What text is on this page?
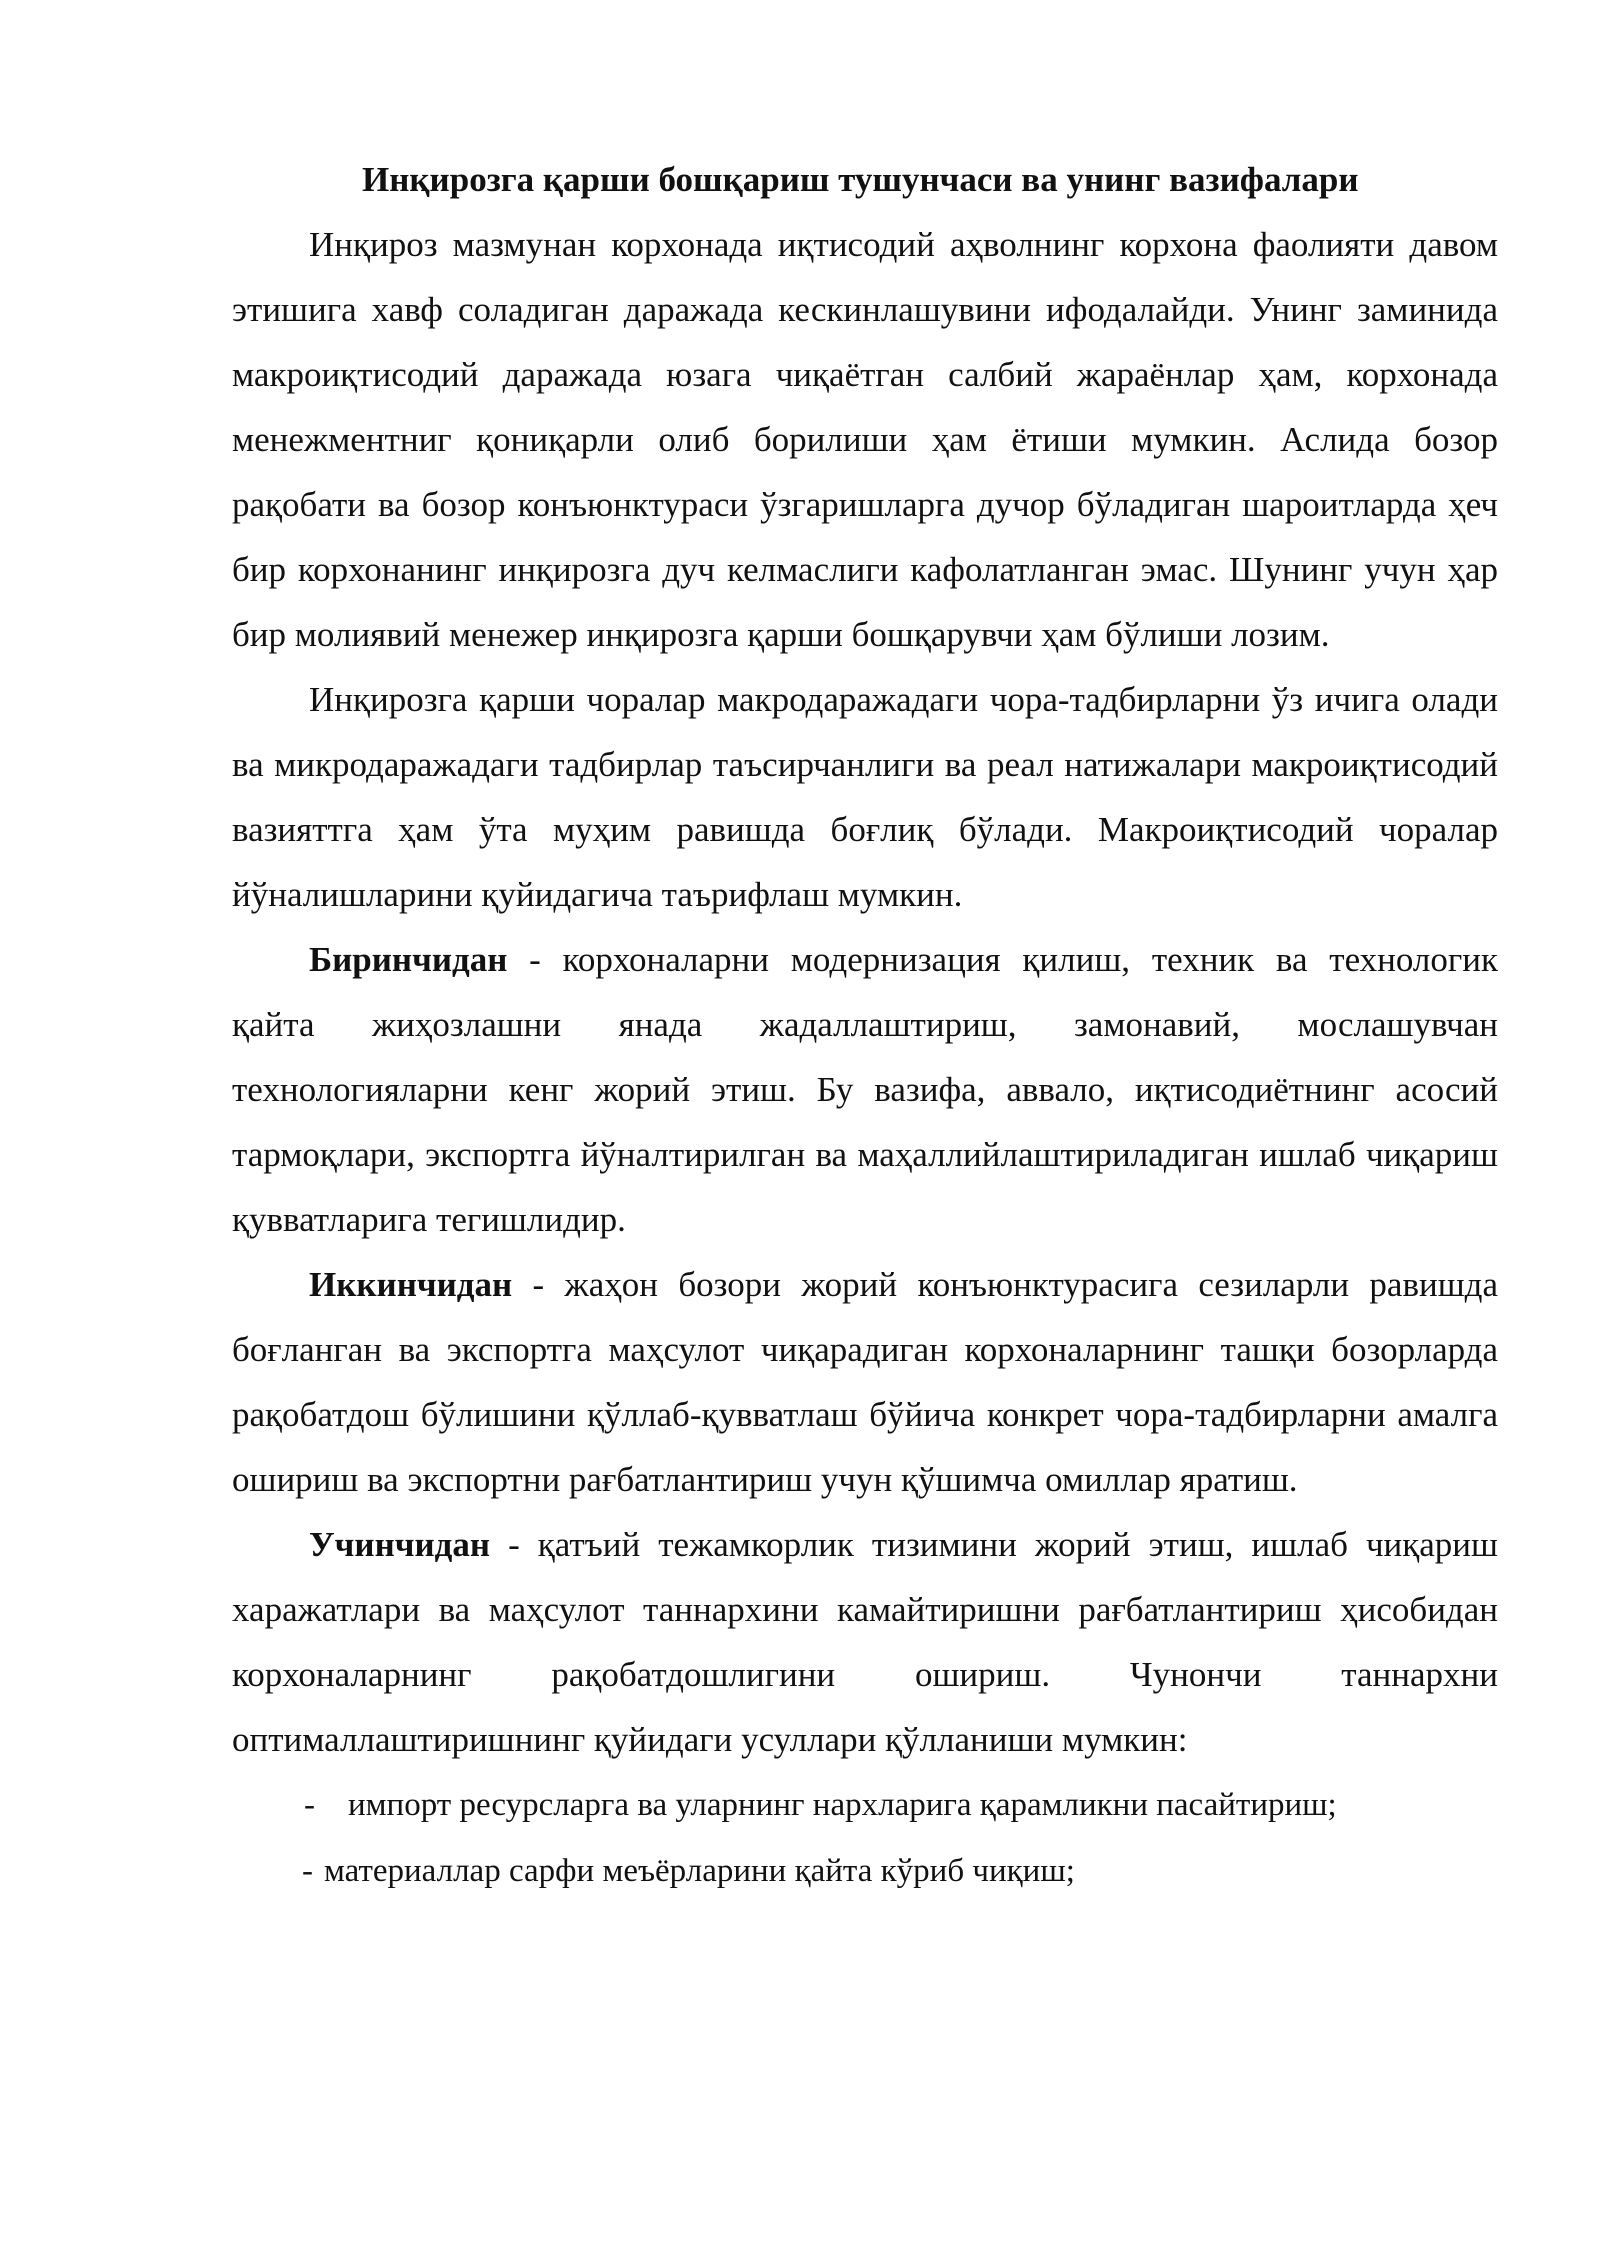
Инқирозга қарши бошқариш тушунчаси ва унинг вазифалари

Инқироз мазмунан корхонада иқтисодий аҳволнинг корхона фаолияти давом этишига хавф соладиган даражада кескинлашувини ифодалайди. Унинг заминида макроиқтисодий даражада юзага чиқаётган салбий жараёнлар ҳам, корхонада менежментниг қониқарли олиб борилиши ҳам ётиши мумкин. Аслида бозор рақобати ва бозор конъюнктураси ўзгаришларга дучор бўладиган шароитларда ҳеч бир корхонанинг инқирозга дуч келмаслиги кафолатланган эмас. Шунинг учун ҳар бир молиявий менежер инқирозга қарши бошқарувчи ҳам бўлиши лозим.

Инқирозга қарши чоралар макродаражадаги чора-тадбирларни ўз ичига олади ва микродаражадаги тадбирлар таъсирчанлиги ва реал натижалари макроиқтисодий вазияттга ҳам ўта муҳим равишда боғлиқ бўлади. Макроиқтисодий чоралар йўналишларини қуйидагича таърифлаш мумкин.

Биринчидан - корхоналарни модернизация қилиш, техник ва технологик қайта жиҳозлашни янада жадаллаштириш, замонавий, мослашувчан технологияларни кенг жорий этиш. Бу вазифа, аввало, иқтисодиётнинг асосий тармоқлари, экспортга йўналтирилган ва маҳаллийлаштириладиган ишлаб чиқариш қувватларига тегишлидир.

Иккинчидан - жаҳон бозори жорий конъюнктурасига сезиларли равишда боғланган ва экспортга маҳсулот чиқарадиган корхоналарнинг ташқи бозорларда рақобатдош бўлишини қўллаб-қувватлаш бўйича конкрет чора-тадбирларни амалга ошириш ва экспортни рағбатлантириш учун қўшимча омиллар яратиш.

Учинчидан - қатъий тежамкорлик тизимини жорий этиш, ишлаб чиқариш харажатлари ва маҳсулот таннархини камайтиришни рағбатлантириш ҳисобидан корхоналарнинг рақобатдошлигини ошириш. Чунончи таннархни оптималлаштиришнинг қуйидаги усуллари қўлланиши мумкин:

- импорт ресурсларга ва уларнинг нархларига қарамликни пасайтириш;
- материаллар сарфи меъёрларини қайта кўриб чиқиш;
